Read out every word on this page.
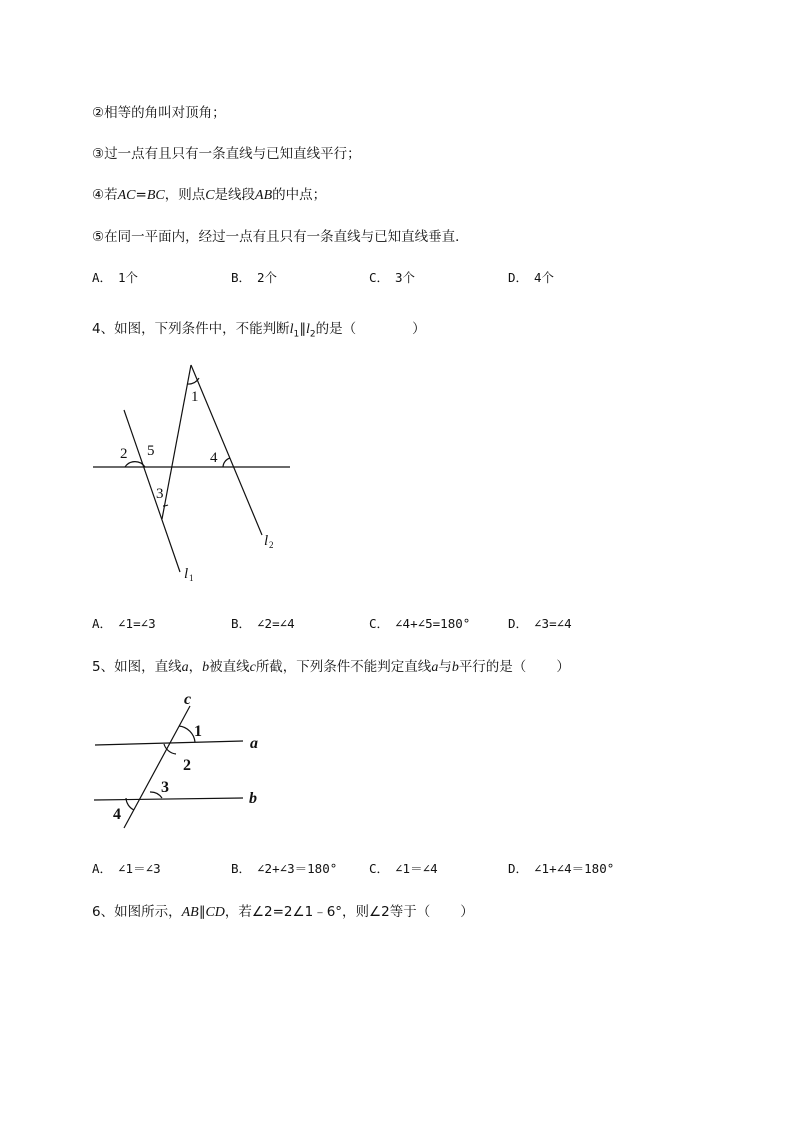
②相等的角叫对顶角；
③过一点有且只有一条直线与已知直线平行；
④若AC=BC，则点C是线段AB的中点；
⑤在同一平面内，经过一点有且只有一条直线与已知直线垂直．
A． 1个	B． 2个	C． 3个	D． 4个
4、如图，下列条件中，不能判断$l_1\parallel l_2$的是（	）
1
2 5
3
4
l 1
l 2
A． ∠1=∠3	B． ∠2=∠4	C． ∠4+∠5=180°	D． ∠3=∠4
5、如图，直线a，b被直线c所截，下列条件不能判定直线a与b平行的是（ ）
c
a
b
1
2
3
4
A． ∠1＝∠3	B． ∠2+∠3＝180°	C． ∠1＝∠4	D． ∠1+∠4＝180°
6、如图所示，AB∥CD，若∠2=2∠1﹣6°，则∠2等于（ ）
